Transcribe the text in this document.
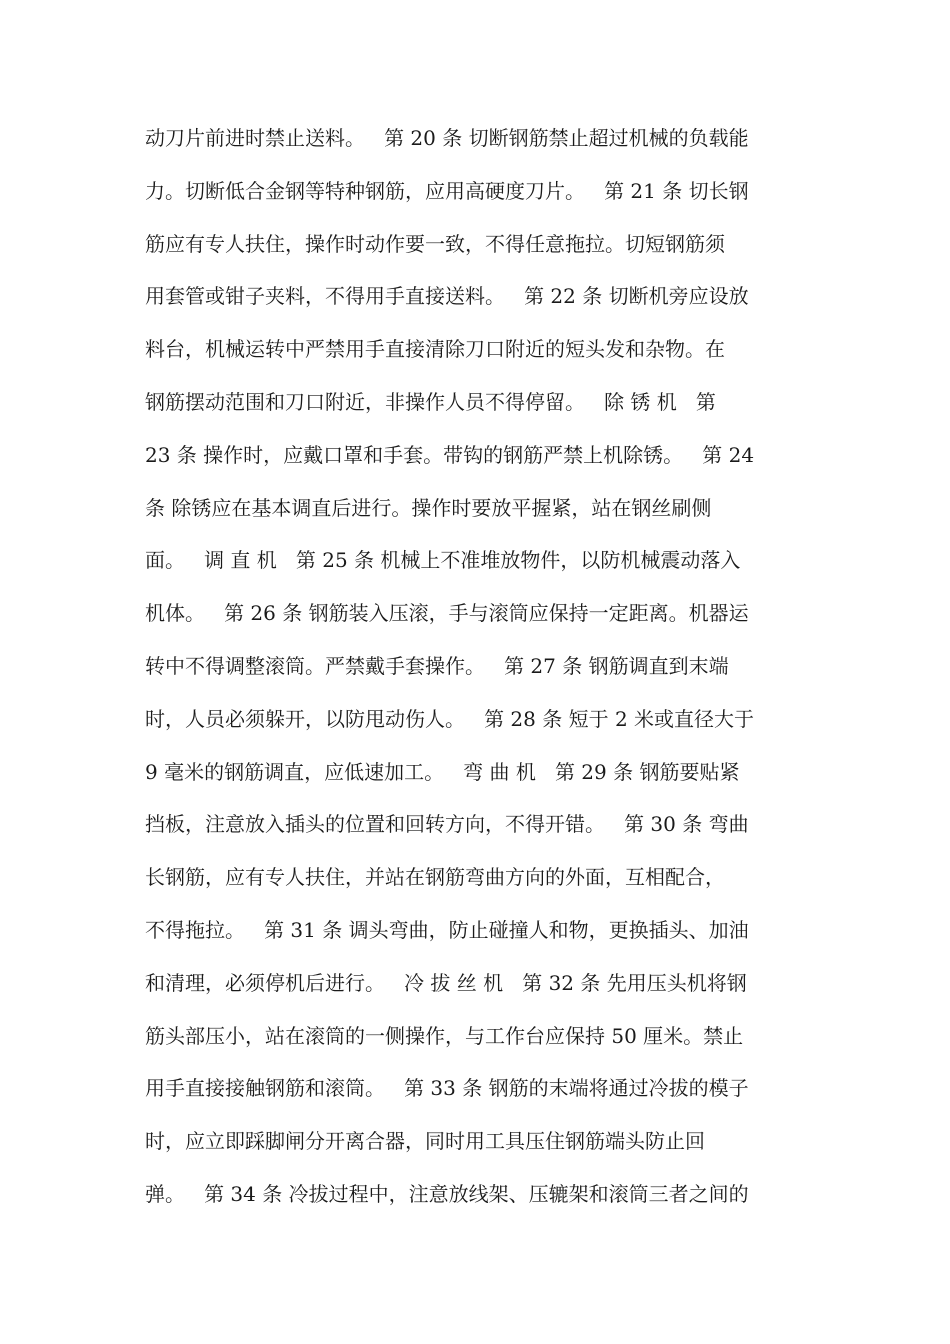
动刀片前进时禁止送料。   第 20 条 切断钢筋禁止超过机械的负载能
力。切断低合金钢等特种钢筋，应用高硬度刀片。   第 21 条 切长钢
筋应有专人扶住，操作时动作要一致，不得任意拖拉。切短钢筋须
用套管或钳子夹料，不得用手直接送料。   第 22 条 切断机旁应设放
料台，机械运转中严禁用手直接清除刀口附近的短头发和杂物。在
钢筋摆动范围和刀口附近，非操作人员不得停留。   除 锈 机   第
23 条 操作时，应戴口罩和手套。带钩的钢筋严禁上机除锈。   第 24
条 除锈应在基本调直后进行。操作时要放平握紧，站在钢丝刷侧
面。   调 直 机   第 25 条 机械上不准堆放物件，以防机械震动落入
机体。   第 26 条 钢筋装入压滚，手与滚筒应保持一定距离。机器运
转中不得调整滚筒。严禁戴手套操作。   第 27 条 钢筋调直到末端
时，人员必须躲开，以防甩动伤人。   第 28 条 短于 2 米或直径大于
9 毫米的钢筋调直，应低速加工。   弯 曲 机   第 29 条 钢筋要贴紧
挡板，注意放入插头的位置和回转方向，不得开错。   第 30 条 弯曲
长钢筋，应有专人扶住，并站在钢筋弯曲方向的外面，互相配合，
不得拖拉。   第 31 条 调头弯曲，防止碰撞人和物，更换插头、加油
和清理，必须停机后进行。   冷 拔 丝 机   第 32 条 先用压头机将钢
筋头部压小，站在滚筒的一侧操作，与工作台应保持 50 厘米。禁止
用手直接接触钢筋和滚筒。   第 33 条 钢筋的末端将通过冷拔的模子
时，应立即踩脚闸分开离合器，同时用工具压住钢筋端头防止回
弹。   第 34 条 冷拔过程中，注意放线架、压辘架和滚筒三者之间的
